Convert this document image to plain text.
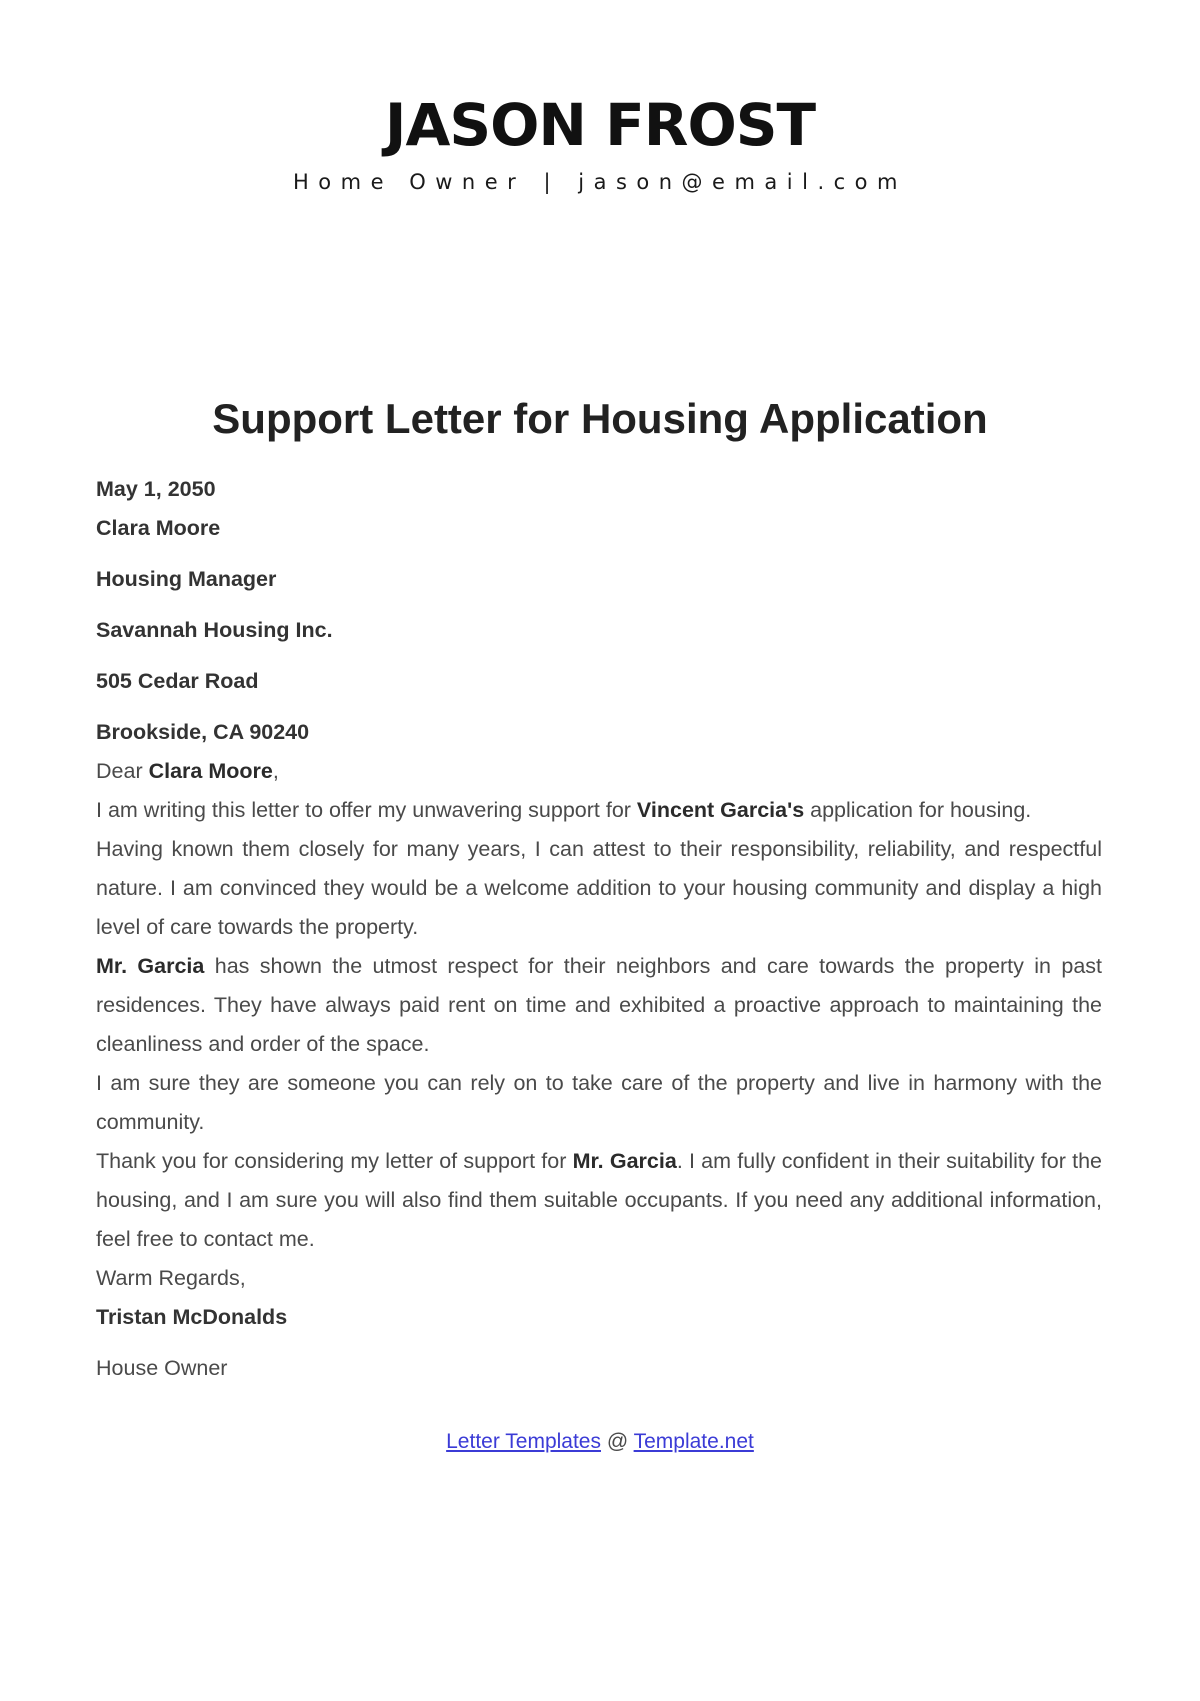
JASON FROST
Home Owner | jason@email.com
Support Letter for Housing Application

May 1, 2050

Clara Moore

Housing Manager

Savannah Housing Inc.

505 Cedar Road

Brookside, CA 90240

Dear Clara Moore,

I am writing this letter to offer my unwavering support for Vincent Garcia's application for housing.

Having known them closely for many years, I can attest to their responsibility, reliability, and respectful nature. I am convinced they would be a welcome addition to your housing community and display a high level of care towards the property.

Mr. Garcia has shown the utmost respect for their neighbors and care towards the property in past residences. They have always paid rent on time and exhibited a proactive approach to maintaining the cleanliness and order of the space.

I am sure they are someone you can rely on to take care of the property and live in harmony with the community.

Thank you for considering my letter of support for Mr. Garcia. I am fully confident in their suitability for the housing, and I am sure you will also find them suitable occupants. If you need any additional information, feel free to contact me.

Warm Regards,

Tristan McDonalds

House Owner

Letter Templates @ Template.net
